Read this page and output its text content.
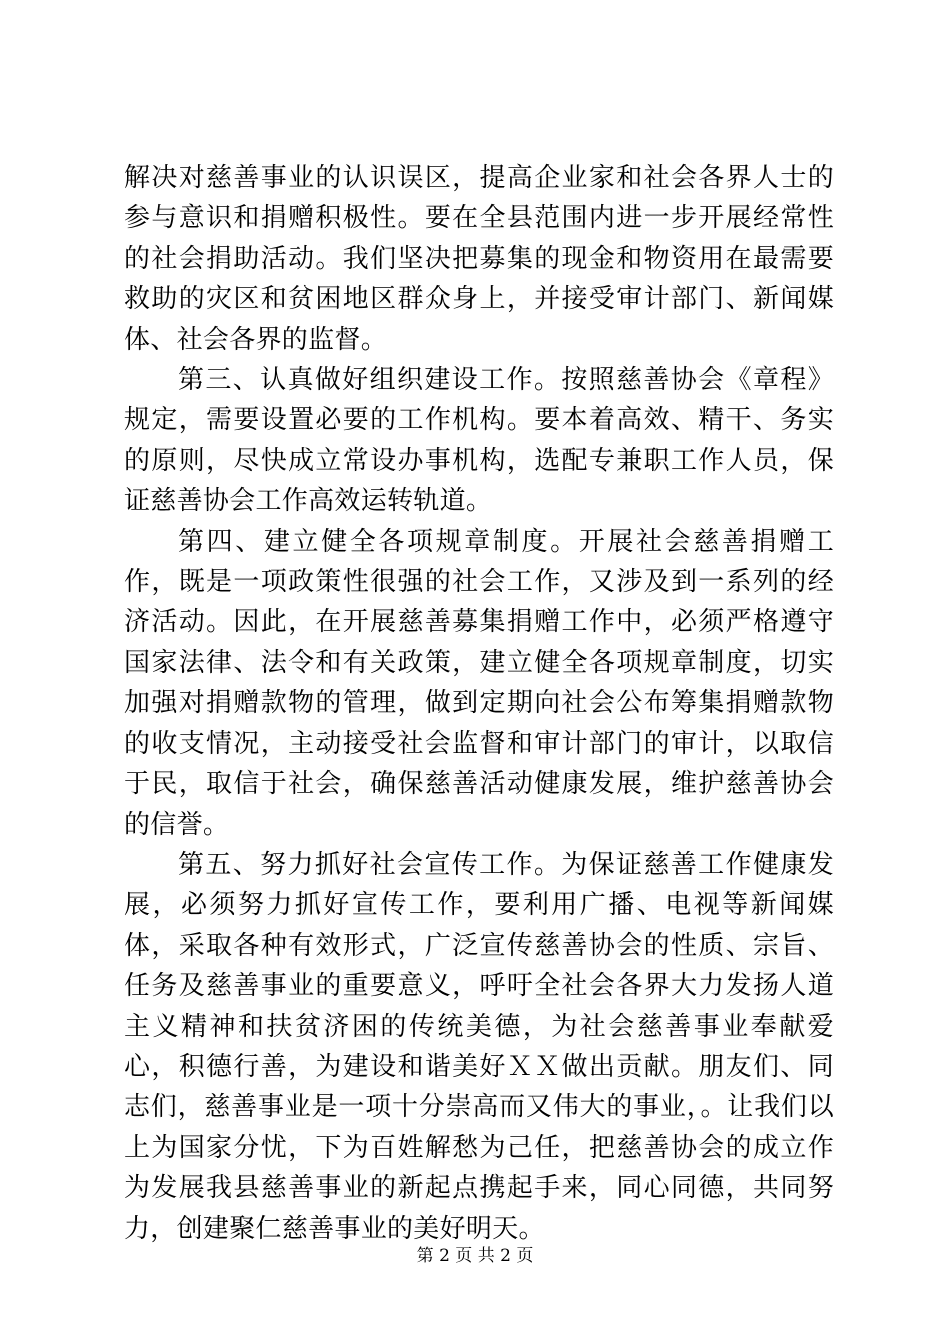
解决对慈善事业的认识误区，提高企业家和社会各界人士的参与意识和捐赠积极性。要在全县范围内进一步开展经常性的社会捐助活动。我们坚决把募集的现金和物资用在最需要救助的灾区和贫困地区群众身上，并接受审计部门、新闻媒体、社会各界的监督。

第三、认真做好组织建设工作。按照慈善协会《章程》规定，需要设置必要的工作机构。要本着高效、精干、务实的原则，尽快成立常设办事机构，选配专兼职工作人员，保证慈善协会工作高效运转轨道。

第四、建立健全各项规章制度。开展社会慈善捐赠工作，既是一项政策性很强的社会工作，又涉及到一系列的经济活动。因此，在开展慈善募集捐赠工作中，必须严格遵守国家法律、法令和有关政策，建立健全各项规章制度，切实加强对捐赠款物的管理，做到定期向社会公布筹集捐赠款物的收支情况，主动接受社会监督和审计部门的审计，以取信于民，取信于社会，确保慈善活动健康发展，维护慈善协会的信誉。

第五、努力抓好社会宣传工作。为保证慈善工作健康发展，必须努力抓好宣传工作，要利用广播、电视等新闻媒体，采取各种有效形式，广泛宣传慈善协会的性质、宗旨、任务及慈善事业的重要意义，呼吁全社会各界大力发扬人道主义精神和扶贫济困的传统美德，为社会慈善事业奉献爱心，积德行善，为建设和谐美好ＸＸ做出贡献。朋友们、同志们，慈善事业是一项十分崇高而又伟大的事业，。让我们以上为国家分忧，下为百姓解愁为己任，把慈善协会的成立作为发展我县慈善事业的新起点携起手来，同心同德，共同努力，创建聚仁慈善事业的美好明天。

第 2 页 共 2 页
